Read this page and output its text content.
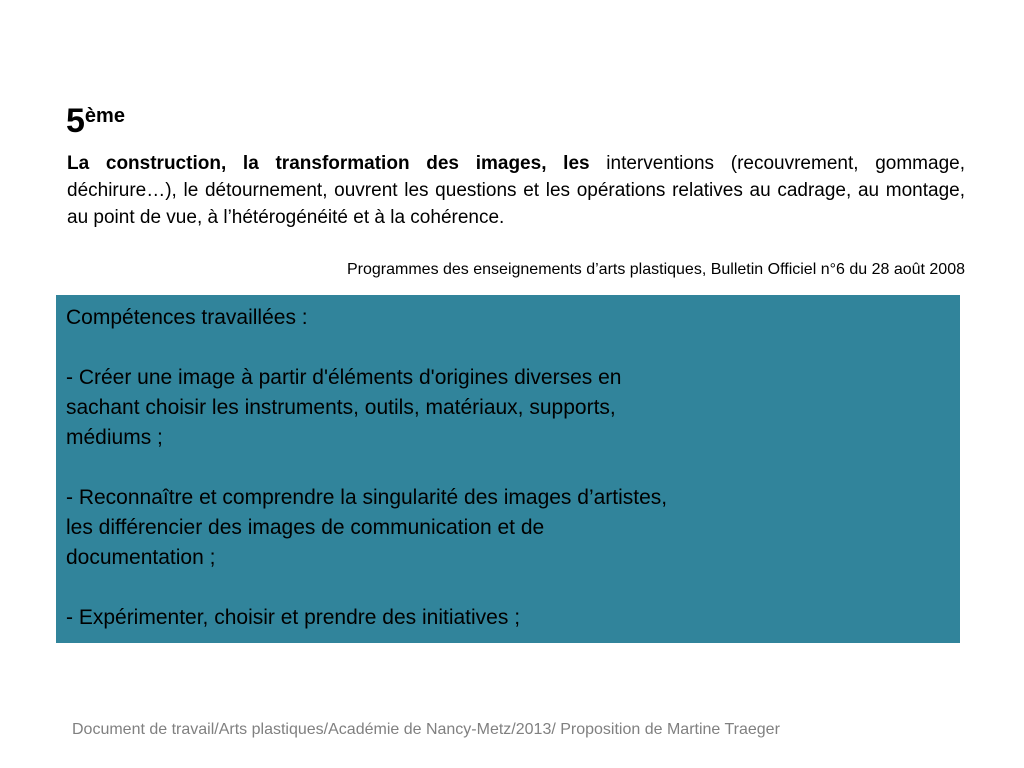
5ème

La construction, la transformation des images, les interventions (recouvrement, gommage, déchirure…), le détournement, ouvrent les questions et les opérations relatives au cadrage, au montage, au point de vue, à l’hétérogénéité et à la cohérence.

Programmes des enseignements d’arts plastiques, Bulletin Officiel n°6 du 28 août 2008

Compétences travaillées :

- Créer une image à partir d'éléments d'origines diverses en
sachant choisir les instruments, outils, matériaux, supports,
médiums ;

- Reconnaître et comprendre la singularité des images d’artistes,
les différencier des images de communication et de
documentation ;

- Expérimenter, choisir et prendre des initiatives ;

Document de travail/Arts plastiques/Académie de Nancy-Metz/2013/ Proposition de Martine Traeger
